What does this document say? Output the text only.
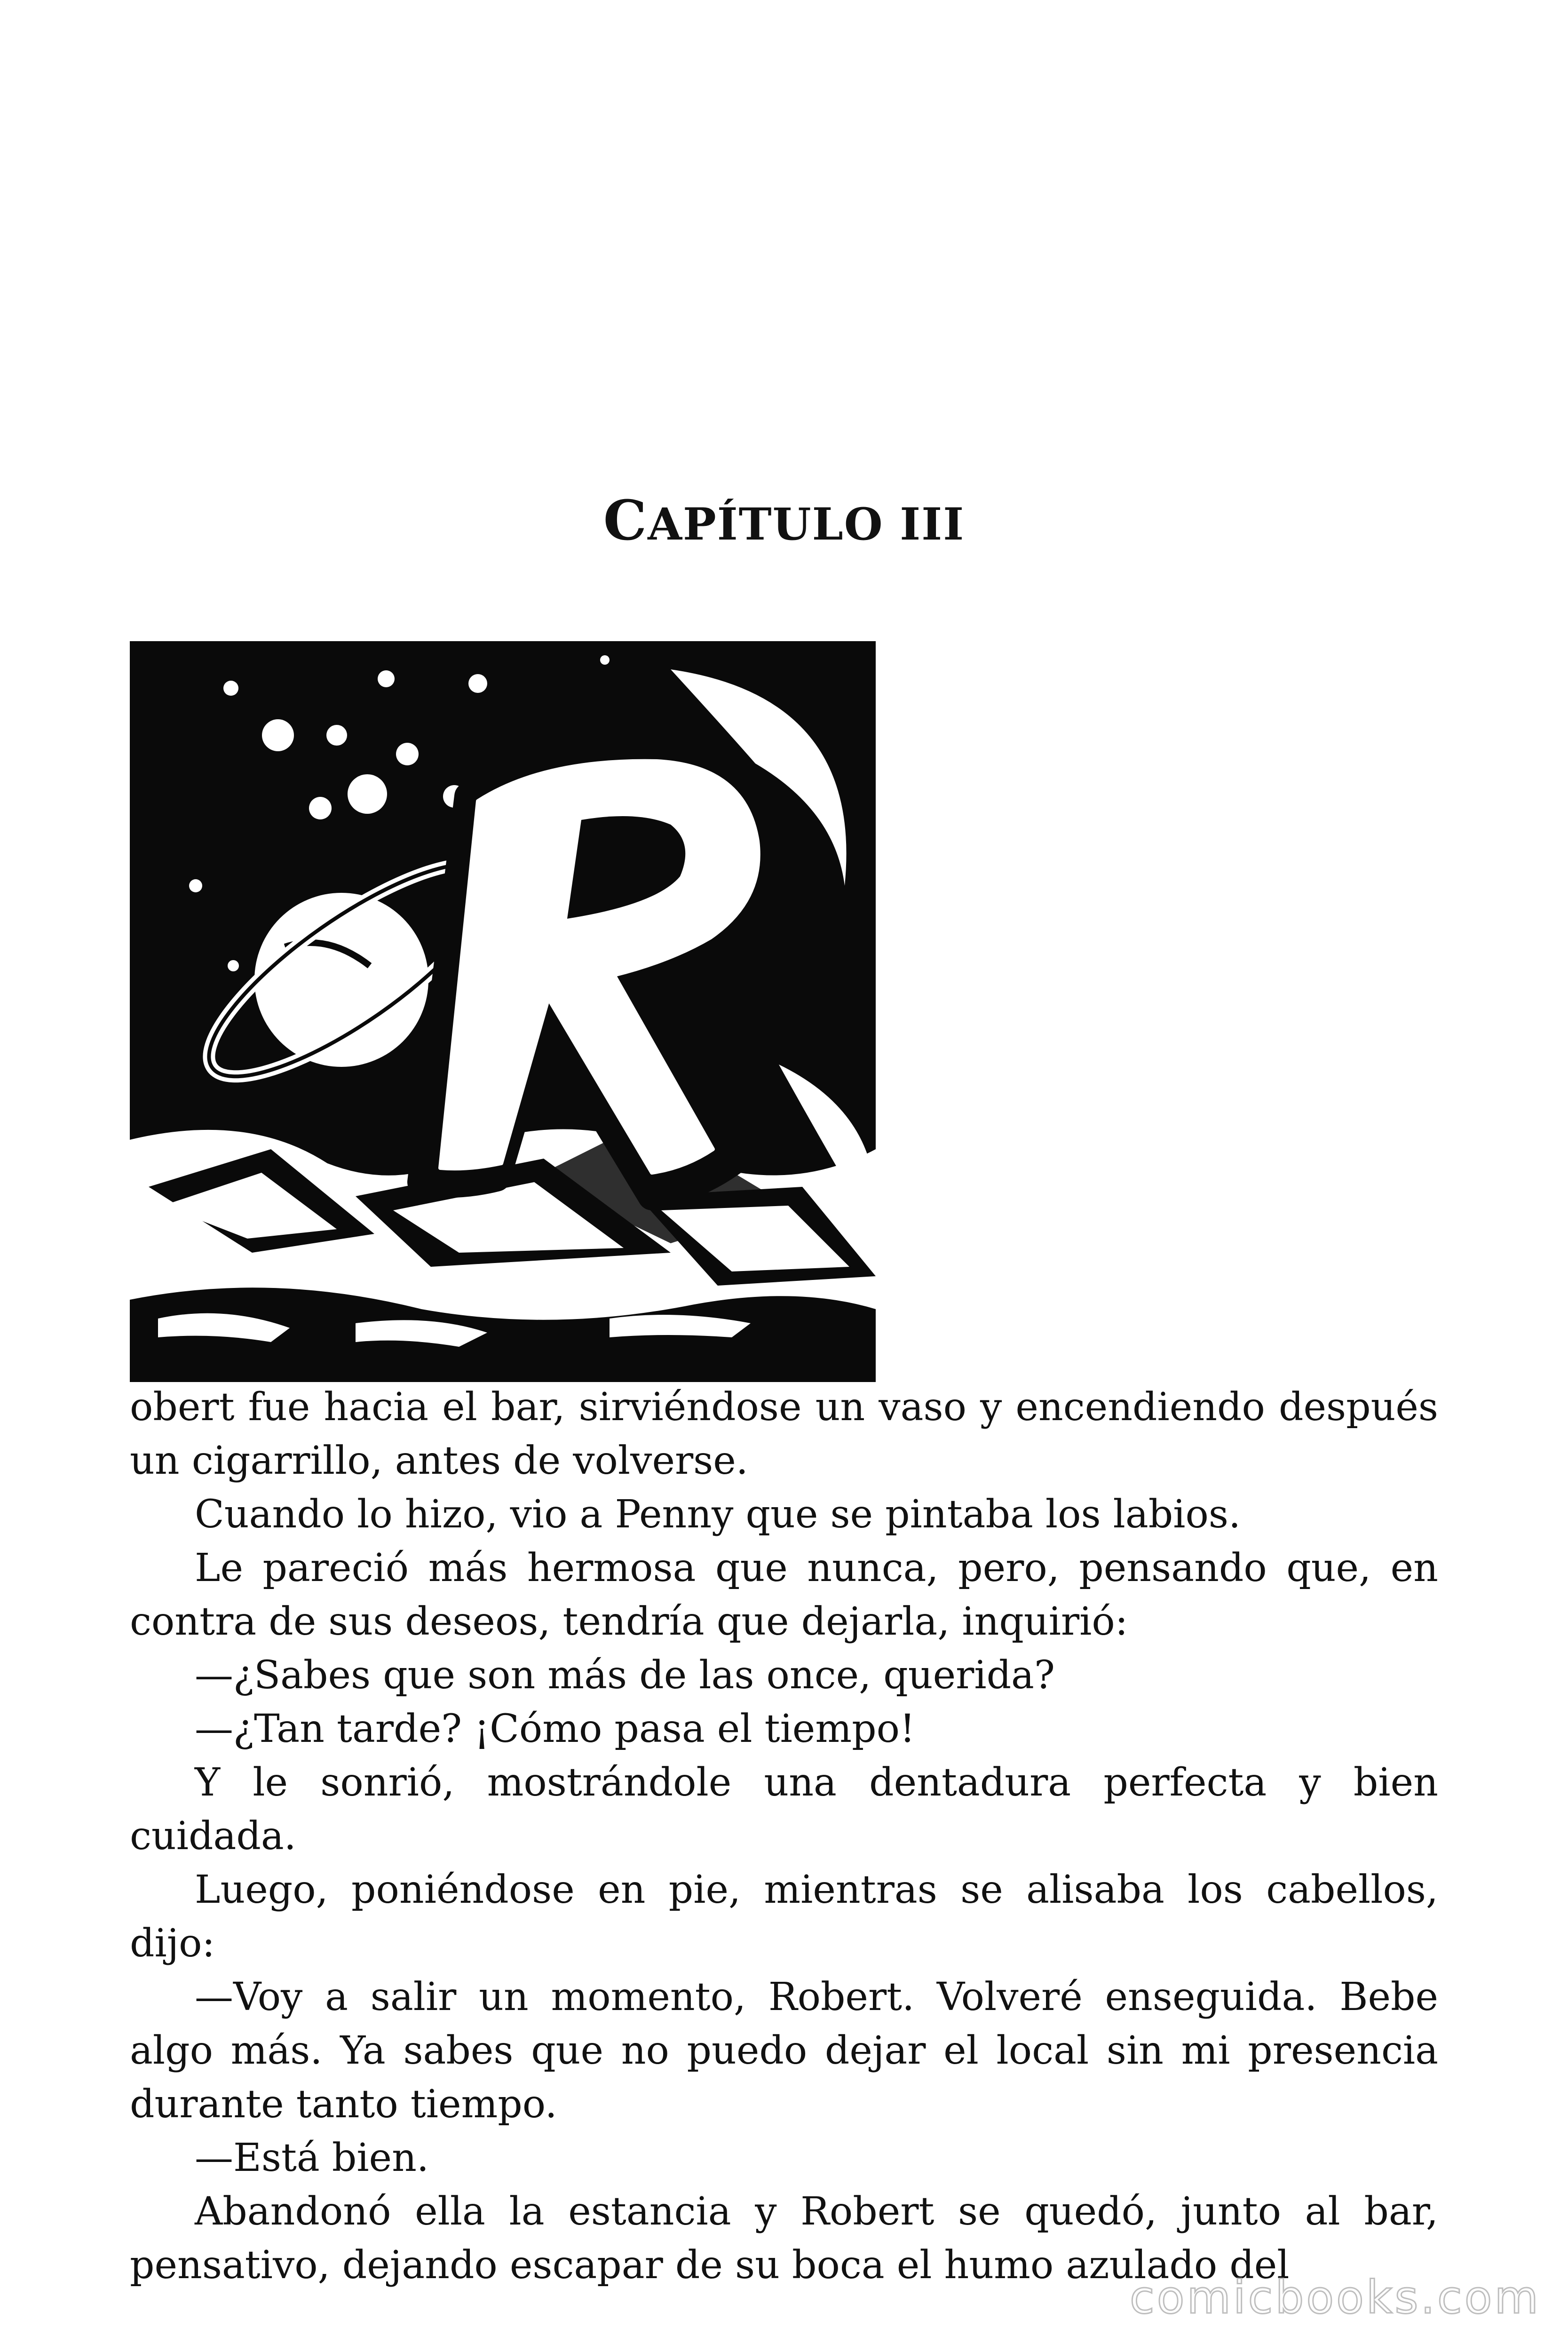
CAPÍTULO III

obert fue hacia el bar, sirviéndose un vaso y encendiendo después un cigarrillo, antes de volverse.

Cuando lo hizo, vio a Penny que se pintaba los labios.

Le pareció más hermosa que nunca, pero, pensando que, en contra de sus deseos, tendría que dejarla, inquirió:

—¿Sabes que son más de las once, querida?

—¿Tan tarde? ¡Cómo pasa el tiempo!

Y le sonrió, mostrándole una dentadura perfecta y bien cuidada.

Luego, poniéndose en pie, mientras se alisaba los cabellos, dijo:

—Voy a salir un momento, Robert. Volveré enseguida. Bebe algo más. Ya sabes que no puedo dejar el local sin mi presencia durante tanto tiempo.

—Está bien.

Abandonó ella la estancia y Robert se quedó, junto al bar, pensativo, dejando escapar de su boca el humo azulado del

comicbooks.com
